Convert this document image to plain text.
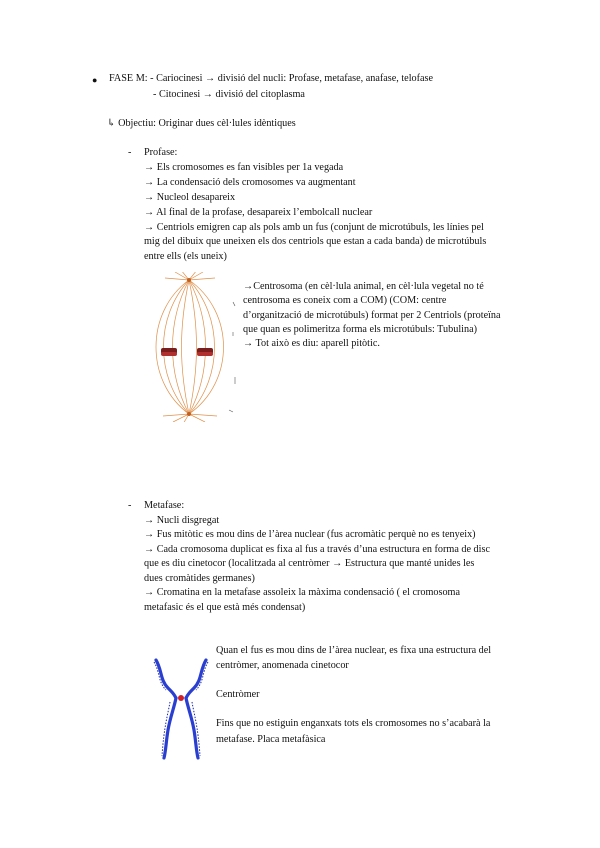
● FASE M: - Cariocinesi → divisió del nucli: Profase, metafase, anafase, telofase
- Citocinesi → divisió del citoplasma
↳ Objectiu: Originar dues cèl·lules idèntiques
- Profase:
→ Els cromosomes es fan visibles per 1a vegada
→ La condensació dels cromosomes va augmentant
→ Nucleol desapareix
→ Al final de la profase, desapareix l’embolcall nuclear
→ Centriols emigren cap als pols amb un fus (conjunt de microtúbuls, les línies pel
mig del dibuix que uneixen els dos centriols que estan a cada banda) de microtúbuls
entre ells (els uneix)
→Centrosoma (en cèl·lula animal, en cèl·lula vegetal no té
centrosoma es coneix com a COM) (COM: centre
d’organització de microtúbuls) format per 2 Centriols (proteïna
que quan es polimeritza forma els microtúbuls: Tubulina)
→ Tot això es diu: aparell pitòtic.
- Metafase:
→ Nucli disgregat
→ Fus mitòtic es mou dins de l’àrea nuclear (fus acromàtic perquè no es tenyeix)
→ Cada cromosoma duplicat es fixa al fus a través d’una estructura en forma de disc
que es diu cinetocor (localitzada al centròmer → Estructura que manté unides les
dues cromàtides germanes)
→ Cromatina en la metafase assoleix la màxima condensació ( el cromosoma
metafasic és el que està més condensat)
Quan el fus es mou dins de l’àrea nuclear, es fixa una estructura del
centròmer, anomenada cinetocor
Centròmer
Fins que no estiguin enganxats tots els cromosomes no s’acabarà la
metafase. Placa metafàsica
